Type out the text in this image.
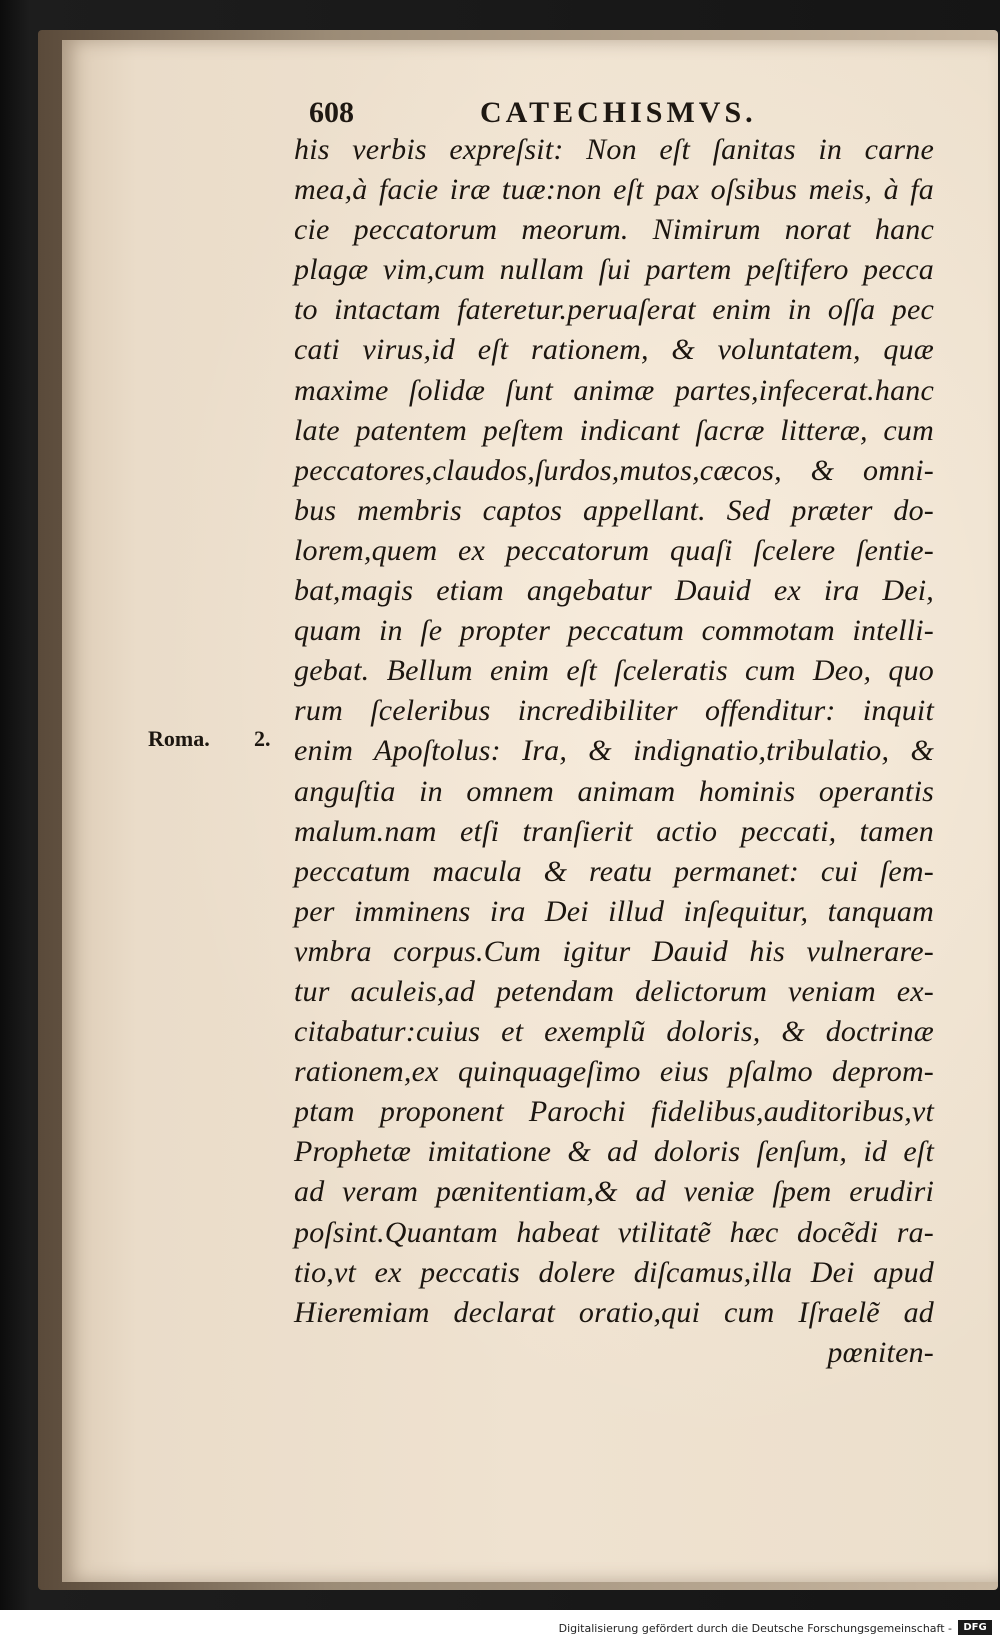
608	CATECHISMVS.
Roma. 2.
his verbis expreſsit: Non eſt ſanitas in carne
mea,à facie iræ tuæ:non eſt pax oſsibus meis, à fa
cie peccatorum meorum. Nimirum norat hanc
plagæ vim,cum nullam ſui partem peſtifero pecca
to intactam fateretur.peruaſerat enim in oſſa pec
cati virus,id eſt rationem, & voluntatem, quæ
maxime ſolidæ ſunt animæ partes,infecerat.hanc
late patentem peſtem indicant ſacræ litteræ, cum
peccatores,claudos,ſurdos,mutos,cæcos, & omni-
bus membris captos appellant. Sed præter do-
lorem,quem ex peccatorum quaſi ſcelere ſentie-
bat,magis etiam angebatur Dauid ex ira Dei,
quam in ſe propter peccatum commotam intelli-
gebat. Bellum enim eſt ſceleratis cum Deo, quo
rum ſceleribus incredibiliter offenditur: inquit
enim Apoſtolus: Ira, & indignatio,tribulatio, &
anguſtia in omnem animam hominis operantis
malum.nam etſi tranſierit actio peccati, tamen
peccatum macula & reatu permanet: cui ſem-
per imminens ira Dei illud inſequitur, tanquam
vmbra corpus.Cum igitur Dauid his vulnerare-
tur aculeis,ad petendam delictorum veniam ex-
citabatur:cuius et exemplũ doloris, & doctrinæ
rationem,ex quinquageſimo eius pſalmo deprom-
ptam proponent Parochi fidelibus,auditoribus,vt
Prophetæ imitatione & ad doloris ſenſum, id eſt
ad veram pænitentiam,& ad veniæ ſpem erudiri
poſsint.Quantam habeat vtilitatẽ hæc docẽdi ra-
tio,vt ex peccatis dolere diſcamus,illa Dei apud
Hieremiam declarat oratio,qui cum Iſraelẽ ad
pœniten-
Digitalisierung gefördert durch die Deutsche Forschungsgemeinschaft -	DFG
